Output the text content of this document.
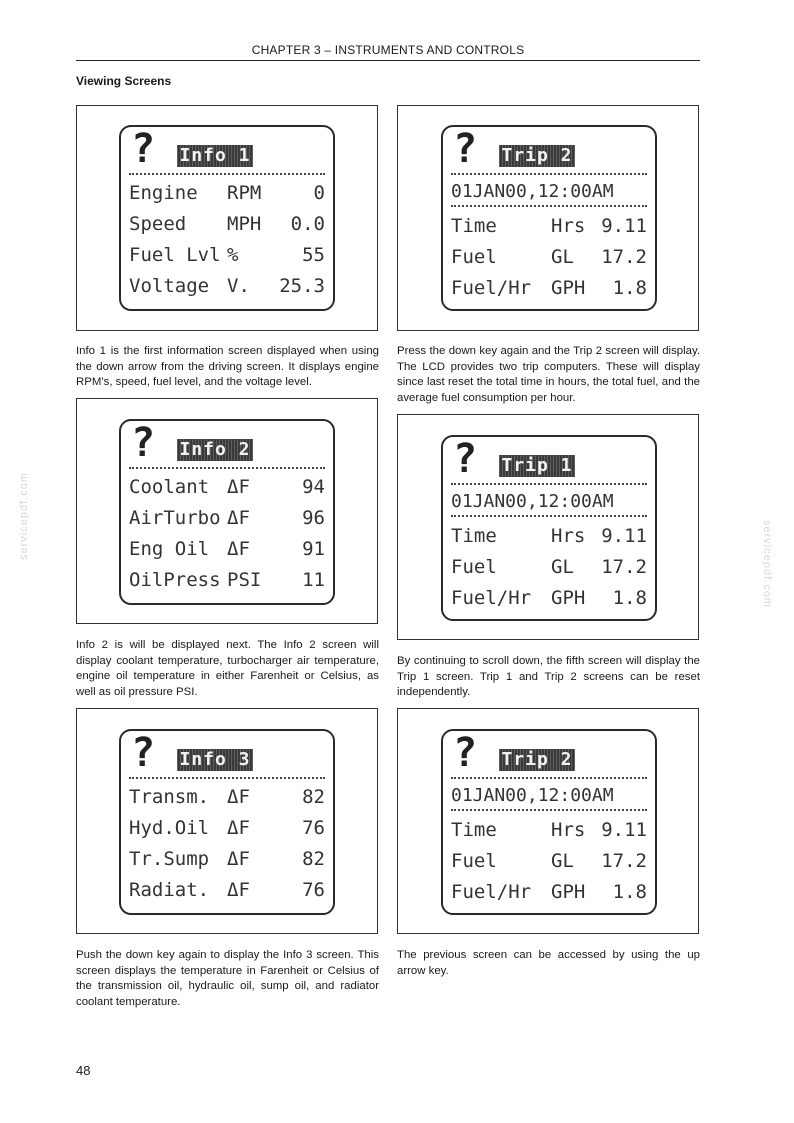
CHAPTER 3 – INSTRUMENTS AND CONTROLS
Viewing Screens
? Info 1
Engine	RPM	0
Speed	MPH	0.0
Fuel Lvl %	55
Voltage V.	25.3
Info 1 is the first information screen displayed when using the down arrow from the driving screen. It displays engine RPM’s, speed, fuel level, and the voltage level.
? Trip 2
01JAN00,12:00AM
Time	Hrs 9.11
Fuel	GL	17.2
Fuel/Hr	GPH	1.8
Press the down key again and the Trip 2 screen will display. The LCD provides two trip computers. These will display since last reset the total time in hours, the total fuel, and the average fuel consumption per hour.
? Info 2
Coolant ΔF	94
AirTurbo ΔF	96
Eng Oil ΔF	91
OilPress PSI	11
Info 2 is will be displayed next. The Info 2 screen will display coolant temperature, turbocharger air temperature, engine oil temperature in either Farenheit or Celsius, as well as oil pressure PSI.
? Trip 1
01JAN00,12:00AM
Time	Hrs 9.11
Fuel	GL	17.2
Fuel/Hr	GPH	1.8
By continuing to scroll down, the fifth screen will display the Trip 1 screen. Trip 1 and Trip 2 screens can be reset independently.
? Info 3
Transm. ΔF	82
Hyd.Oil ΔF	76
Tr.Sump ΔF	82
Radiat. ΔF	76
Push the down key again to display the Info 3 screen. This screen displays the temperature in Farenheit or Celsius of the transmission oil, hydraulic oil, sump oil, and radiator coolant temperature.
? Trip 2
01JAN00,12:00AM
Time	Hrs 9.11
Fuel	GL	17.2
Fuel/Hr	GPH	1.8
The previous screen can be accessed by using the up arrow key.
servicepdf.com
servicepdf.com
48
